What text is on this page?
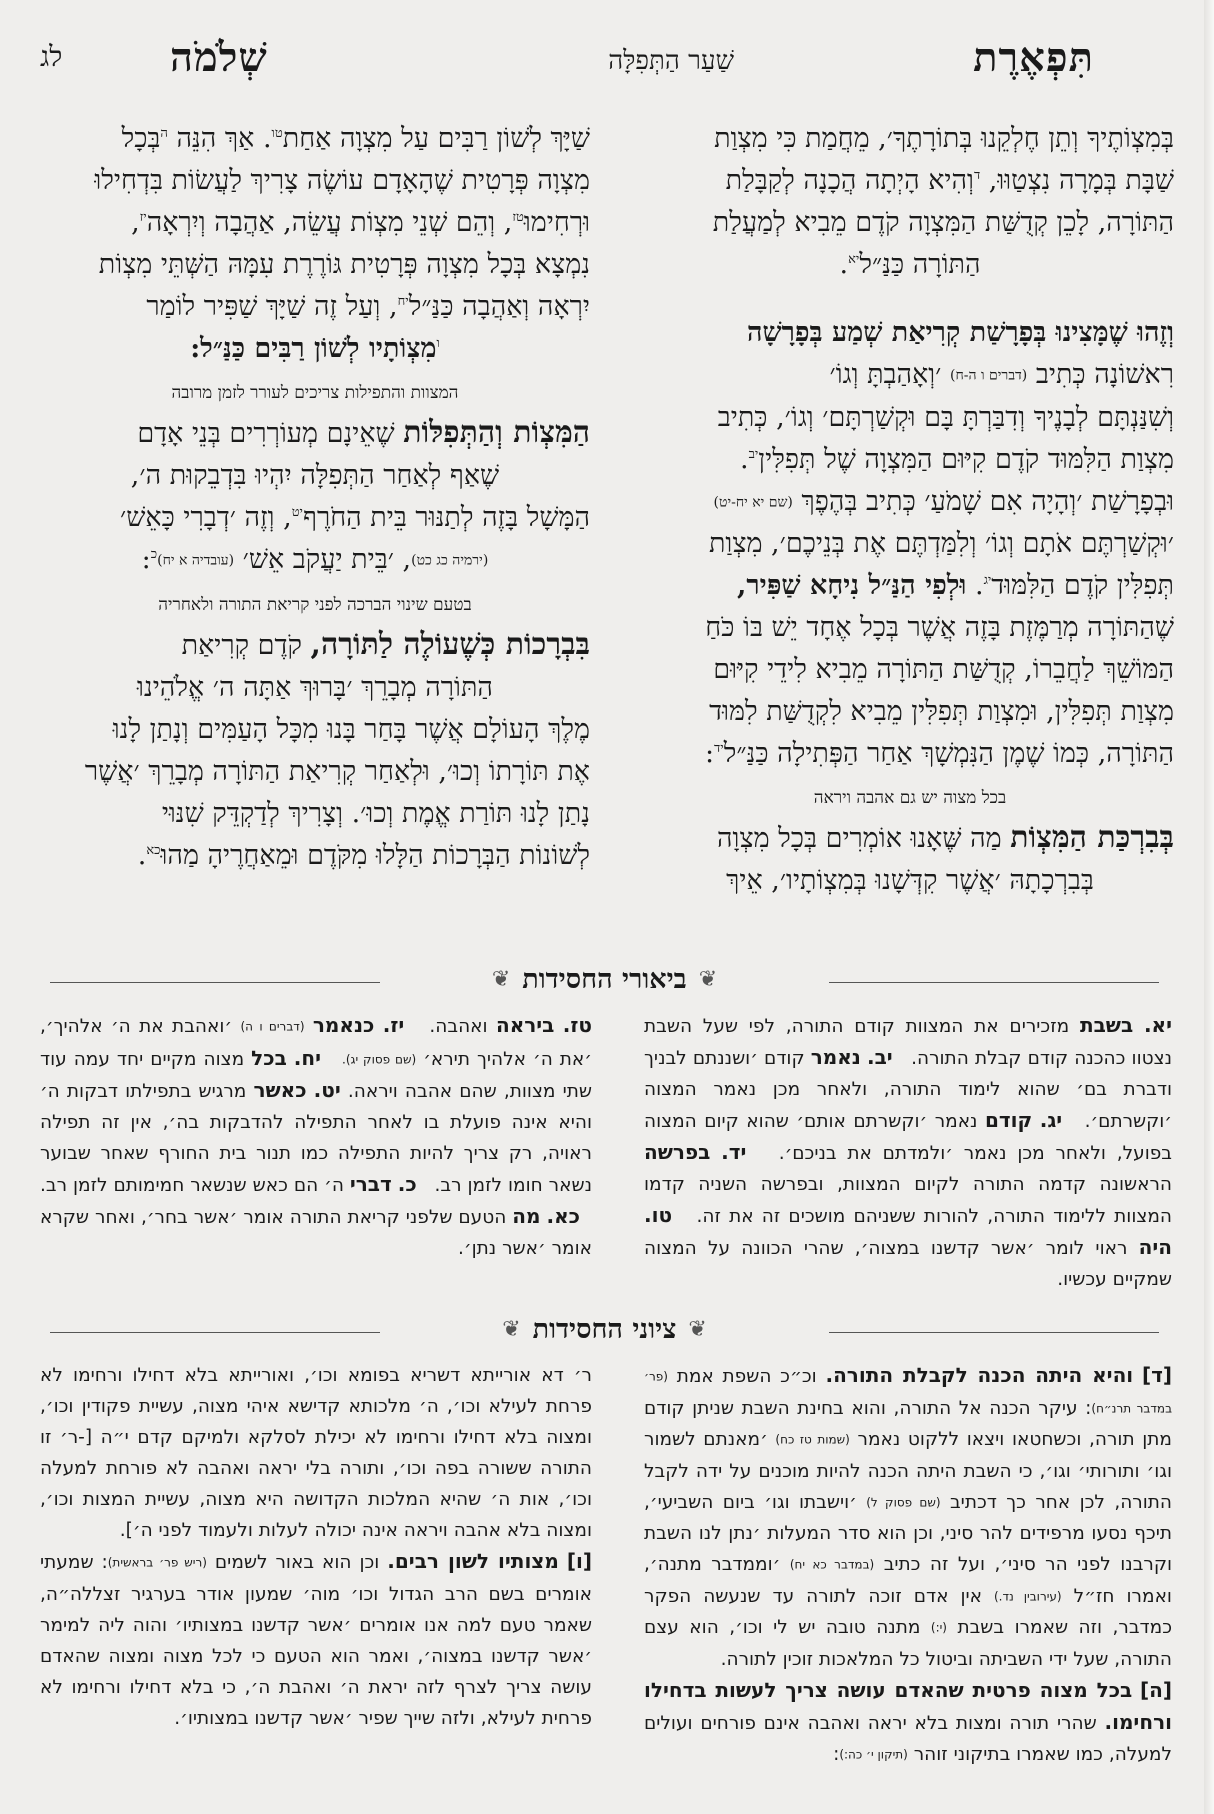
תִּפְאֶרֶת
שַׁעַר הַתְּפִלָּה
שְׁלֹמֹה
לג

בְּמִצְוֹתֶיךָ וְתֵן חֶלְקֵנוּ בְּתוֹרָתֶךָ׳, מֵחֲמַת כִּי מִצְוַת

שַׁבָּת בְּמָרָה נִצְטַוּוּ, $^ד$וְהִיא הָיְתָה הֲכָנָה לְקַבָּלַת

הַתּוֹרָה, לָכֵן קְדֻשַּׁת הַמִּצְוָה קֹדֶם מֵבִיא לְמַעֲלַת

הַתּוֹרָה כַּנַּ״ל$^{יא}$.

וְזֶהוּ שֶׁמָּצִינוּ בְּפָרָשַׁת קְרִיאַת שְׁמַע בְּפָרָשָׁה

רִאשׁוֹנָה כְּתִיב (דברים ו ה-ח) ׳וְאָהַבְתָּ וְגוֹ׳

וְשִׁנַּנְתָּם לְבָנֶיךָ וְדִבַּרְתָּ בָּם וּקְשַׁרְתָּם׳ וְגוֹ׳, כְּתִיב

מִצְוַת הַלִּמּוּד קֹדֶם קִיּוּם הַמִּצְוָה שֶׁל תְּפִלִּין$^{יב}$.

וּבְפָרָשַׁת ׳וְהָיָה אִם שָׁמֹעַ׳ כְּתִיב בְּהֶפֶךְ (שם יא יח-יט)

׳וּקְשַׁרְתֶּם אֹתָם וְגוֹ׳ וְלִמַּדְתֶּם אֶת בְּנֵיכֶם׳, מִצְוַת

תְּפִלִּין קֹדֶם הַלִּמּוּד$^{יג}$. וּלְפִי הַנַּ״ל נִיחָא שַׁפִּיר,

שֶׁהַתּוֹרָה מְרַמֶּזֶת בָּזֶה אֲשֶׁר בְּכָל אֶחָד יֵשׁ בּוֹ כֹּחַ

הַמּוֹשֵׁךְ לַחֲבֵרוֹ, קְדֻשַּׁת הַתּוֹרָה מֵבִיא לִידֵי קִיּוּם

מִצְוַת תְּפִלִּין, וּמִצְוַת תְּפִלִּין מֵבִיא לִקְדֻשַּׁת לִמּוּד

הַתּוֹרָה, כְּמוֹ שֶׁמֶן הַנִּמְשָׁךְ אַחַר הַפְּתִילָה כַּנַּ״ל$^{יד}$:

בכל מצוה יש גם אהבה ויראה

בְּבִרְכַּת הַמִּצְוֹת מַה שֶּׁאָנוּ אוֹמְרִים בְּכָל מִצְוָה

בְּבִרְכָתָהּ ׳אֲשֶׁר קִדְּשָׁנוּ בְּמִצְוֹתָיו׳, אֵיךְ

שַׁיָּךְ לְשׁוֹן רַבִּים עַל מִצְוָה אַחַת$^{טו}$. אַךְ הִנֵּה $^ה$בְּכָל

מִצְוָה פְּרָטִית שֶׁהָאָדָם עוֹשֶׂה צָרִיךְ לַעֲשׂוֹת בִּדְחִילוּ

וּרְחִימוּ$^{טז}$, וְהֵם שְׁנֵי מִצְוֹת עֲשֵׂה, אַהֲבָה וְיִרְאָה$^{יז}$,

נִמְצָא בְּכָל מִצְוָה פְּרָטִית גּוֹרֶרֶת עִמָּהּ הַשְּׁתֵּי מִצְוֹת

יִרְאָה וְאַהֲבָה כַּנַּ״ל$^{יח}$, וְעַל זֶה שַׁיָּךְ שַׁפִּיר לוֹמַר

$^ו$מִצְוֹתָיו לְשׁוֹן רַבִּים כַּנַּ״ל:

המצוות והתפילות צריכים לעורר לזמן מרובה

הַמִּצְוֹת וְהַתְּפִלּוֹת שֶׁאֵינָם מְעוֹרְרִים בְּנֵי אָדָם

שֶׁאַף לְאַחַר הַתְּפִלָּה יִהְיוּ בִּדְבֵקוּת ה׳,

הַמָּשָׁל בָּזֶה לְתַנּוּר בֵּית הַחֹרֶף$^{יט}$, וְזֶה ׳דְבָרִי כָּאֵשׁ׳

(ירמיה כג כט), ׳בֵּית יַעֲקֹב אֵשׁ׳ (עובדיה א יח)$^כ$:

בטעם שינוי הברכה לפני קריאת התורה ולאחריה

בִּבְרָכוֹת כְּשֶׁעוֹלֶה לַתּוֹרָה, קֹדֶם קְרִיאַת

הַתּוֹרָה מְבָרֵךְ ׳בָּרוּךְ אַתָּה ה׳ אֱלֹהֵינוּ

מֶלֶךְ הָעוֹלָם אֲשֶׁר בָּחַר בָּנוּ מִכָּל הָעַמִּים וְנָתַן לָנוּ

אֶת תּוֹרָתוֹ וְכוּ׳, וּלְאַחַר קְרִיאַת הַתּוֹרָה מְבָרֵךְ ׳אֲשֶׁר

נָתַן לָנוּ תּוֹרַת אֱמֶת וְכוּ׳. וְצָרִיךְ לְדַקְדֵּק שִׁנּוּי

לְשׁוֹנוֹת הַבְּרָכוֹת הַלָּלוּ מִקֹּדֶם וּמֵאַחֲרֶיהָ מַהוּ$^{כא}$.

❦
ביאורי החסידות
❦

יא. בשבת מזכירים את המצוות קודם התורה, לפי שעל השבת נצטוו כהכנה קודם קבלת התורה.   יב. נאמר קודם ׳ושננתם לבניך ודברת בם׳ שהוא לימוד התורה, ולאחר מכן נאמר המצוה ׳וקשרתם׳.   יג. קודם נאמר ׳וקשרתם אותם׳ שהוא קיום המצוה בפועל, ולאחר מכן נאמר ׳ולמדתם את בניכם׳.   יד. בפרשה הראשונה קדמה התורה לקיום המצוות, ובפרשה השניה קדמו המצוות ללימוד התורה, להורות ששניהם מושכים זה את זה.   טו. היה ראוי לומר ׳אשר קדשנו במצוה׳, שהרי הכוונה על המצוה שמקיים עכשיו.

טז. ביראה ואהבה.   יז. כנאמר (דברים ו ה) ׳ואהבת את ה׳ אלהיך׳, ׳את ה׳ אלהיך תירא׳ (שם פסוק יג).   יח. בכל מצוה מקיים יחד עמה עוד שתי מצוות, שהם אהבה ויראה. יט. כאשר מרגיש בתפילתו דבקות ה׳ והיא אינה פועלת בו לאחר התפילה להדבקות בה׳, אין זה תפילה ראויה, רק צריך להיות התפילה כמו תנור בית החורף שאחר שבוער נשאר חומו לזמן רב.   כ. דברי ה׳ הם כאש שנשאר חמימותם לזמן רב.   כא. מה הטעם שלפני קריאת התורה אומר ׳אשר בחר׳, ואחר שקרא אומר ׳אשר נתן׳.

❦
ציוני החסידות
❦

[ד] והיא היתה הכנה לקבלת התורה. וכ״כ השפת אמת (פר׳ במדבר תרנ״ח): עיקר הכנה אל התורה, והוא בחינת השבת שניתן קודם מתן תורה, וכשחטאו ויצאו ללקוט נאמר (שמות טז כח) ׳מאנתם לשמור וגו׳ ותורותי׳ וגו׳, כי השבת היתה הכנה להיות מוכנים על ידה לקבל התורה, לכן אחר כך דכתיב (שם פסוק ל) ׳וישבתו וגו׳ ביום השביעי׳, תיכף נסעו מרפידים להר סיני, וכן הוא סדר המעלות ׳נתן לנו השבת וקרבנו לפני הר סיני׳, ועל זה כתיב (במדבר כא יח) ׳וממדבר מתנה׳, ואמרו חז״ל (עירובין נד.) אין אדם זוכה לתורה עד שנעשה הפקר כמדבר, וזה שאמרו בשבת (י:) מתנה טובה יש לי וכו׳, הוא עצם התורה, שעל ידי השביתה וביטול כל המלאכות זוכין לתורה.

[ה] בכל מצוה פרטית שהאדם עושה צריך לעשות בדחילו ורחימו. שהרי תורה ומצות בלא יראה ואהבה אינם פורחים ועולים למעלה, כמו שאמרו בתיקוני זוהר (תיקון י׳ כה:):

ר׳ דא אורייתא דשריא בפומא וכו׳, ואורייתא בלא דחילו ורחימו לא פרחת לעילא וכו׳, ה׳ מלכותא קדישא איהי מצוה, עשיית פקודין וכו׳, ומצוה בלא דחילו ורחימו לא יכילת לסלקא ולמיקם קדם י״ה [-ר׳ זו התורה ששורה בפה וכו׳, ותורה בלי יראה ואהבה לא פורחת למעלה וכו׳, אות ה׳ שהיא המלכות הקדושה היא מצוה, עשיית המצות וכו׳, ומצוה בלא אהבה ויראה אינה יכולה לעלות ולעמוד לפני ה׳].

[ו] מצותיו לשון רבים. וכן הוא באור לשמים (ריש פר׳ בראשית): שמעתי אומרים בשם הרב הגדול וכו׳ מוה׳ שמעון אודר בערגיר זצללה״ה, שאמר טעם למה אנו אומרים ׳אשר קדשנו במצותיו׳ והוה ליה למימר ׳אשר קדשנו במצוה׳, ואמר הוא הטעם כי לכל מצוה ומצוה שהאדם עושה צריך לצרף לזה יראת ה׳ ואהבת ה׳, כי בלא דחילו ורחימו לא פרחית לעילא, ולזה שייך שפיר ׳אשר קדשנו במצותיו׳.
